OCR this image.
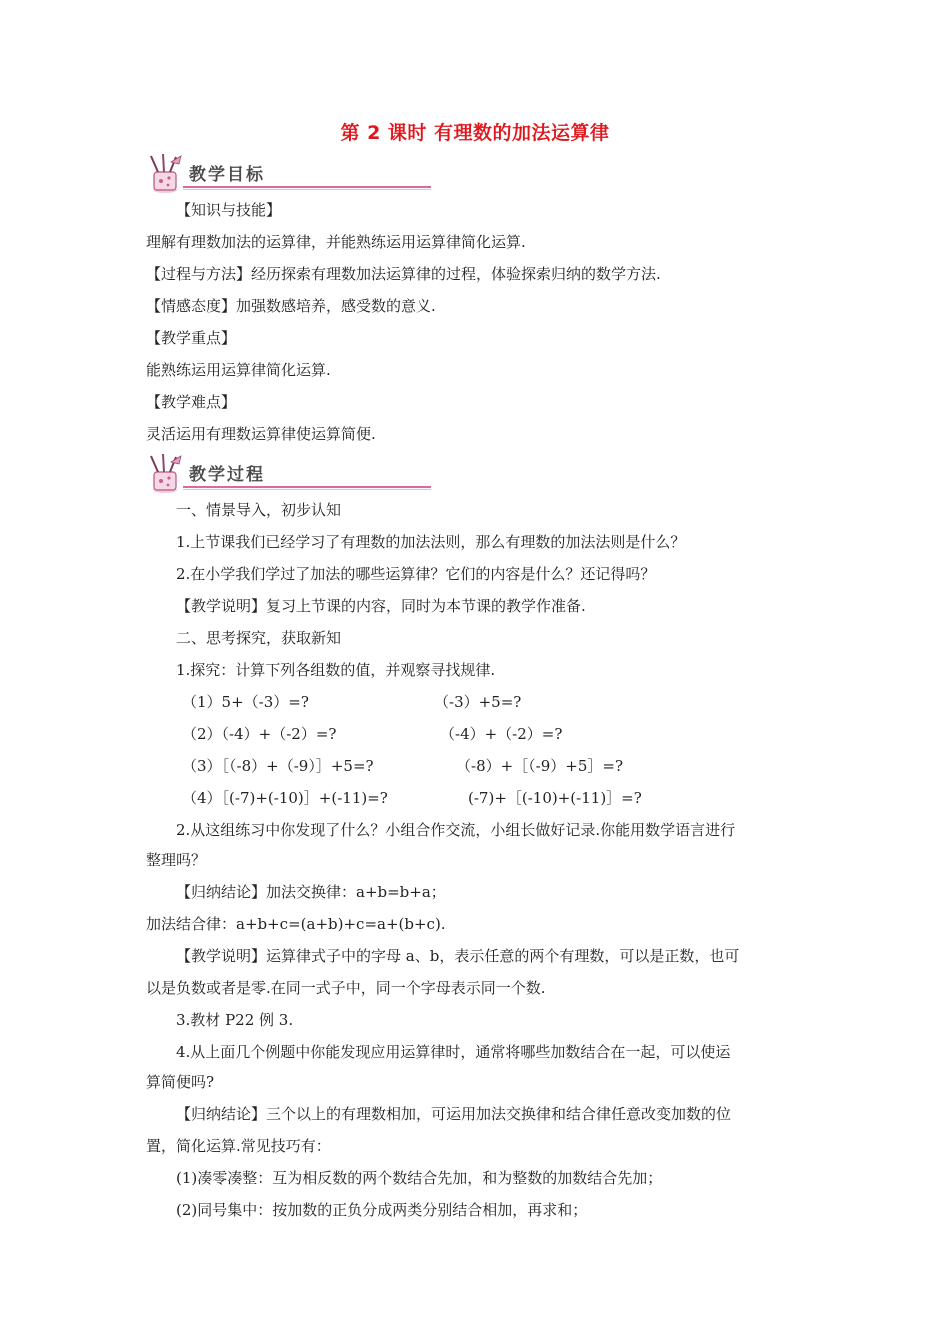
第 2 课时 有理数的加法运算律
教学目标
【知识与技能】
理解有理数加法的运算律，并能熟练运用运算律简化运算.
【过程与方法】经历探索有理数加法运算律的过程，体验探索归纳的数学方法.
【情感态度】加强数感培养，感受数的意义.
【教学重点】
能熟练运用运算律简化运算.
【教学难点】
灵活运用有理数运算律使运算简便.
教学过程
一、情景导入，初步认知
1.上节课我们已经学习了有理数的加法法则，那么有理数的加法法则是什么？
2.在小学我们学过了加法的哪些运算律？它们的内容是什么？还记得吗？
【教学说明】复习上节课的内容，同时为本节课的教学作准备.
二、思考探究，获取新知
1.探究：计算下列各组数的值，并观察寻找规律.
（1）5+（-3）=?	（-3）+5=?
（2）（-4）+（-2）=?	（-4）+（-2）=?
（3）［（-8）+（-9）］+5=?	（-8）+［（-9）+5］=?
（4）［(-7)+(-10)］+(-11)=?	(-7)+［(-10)+(-11)］=?
2.从这组练习中你发现了什么？小组合作交流，小组长做好记录.你能用数学语言进行
整理吗？
【归纳结论】加法交换律：a+b=b+a；
加法结合律：a+b+c=(a+b)+c=a+(b+c).
【教学说明】运算律式子中的字母 a、b，表示任意的两个有理数，可以是正数，也可
以是负数或者是零.在同一式子中，同一个字母表示同一个数.
3.教材 P22 例 3.
4.从上面几个例题中你能发现应用运算律时，通常将哪些加数结合在一起，可以使运
算简便吗?
【归纳结论】三个以上的有理数相加，可运用加法交换律和结合律任意改变加数的位
置，简化运算.常见技巧有：
(1)凑零凑整：互为相反数的两个数结合先加，和为整数的加数结合先加；
(2)同号集中：按加数的正负分成两类分别结合相加，再求和；
